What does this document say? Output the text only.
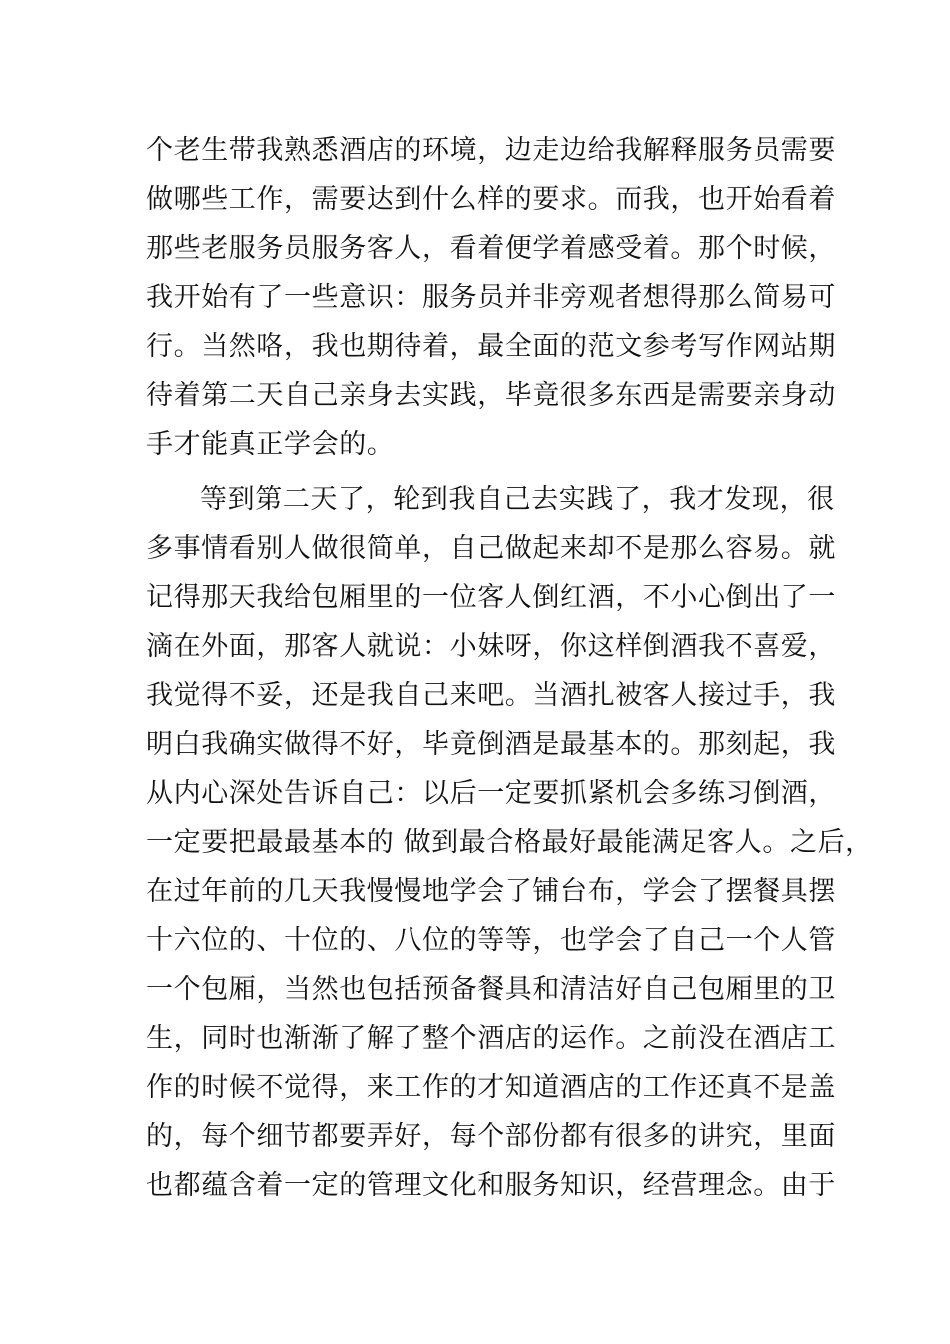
个老生带我熟悉酒店的环境，边走边给我解释服务员需要
做哪些工作，需要达到什么样的要求。而我，也开始看着
那些老服务员服务客人，看着便学着感受着。那个时候，
我开始有了一些意识：服务员并非旁观者想得那么简易可
行。当然咯，我也期待着，最全面的范文参考写作网站期
待着第二天自己亲身去实践，毕竟很多东西是需要亲身动
手才能真正学会的。
等到第二天了，轮到我自己去实践了，我才发现，很
多事情看别人做很简单，自己做起来却不是那么容易。就
记得那天我给包厢里的一位客人倒红酒，不小心倒出了一
滴在外面，那客人就说：小妹呀，你这样倒酒我不喜爱，
我觉得不妥，还是我自己来吧。当酒扎被客人接过手，我
明白我确实做得不好，毕竟倒酒是最基本的。那刻起，我
从内心深处告诉自己：以后一定要抓紧机会多练习倒酒，
一定要把最最基本的 做到最合格最好最能满足客人。之后，
在过年前的几天我慢慢地学会了铺台布，学会了摆餐具摆
十六位的、十位的、八位的等等，也学会了自己一个人管
一个包厢，当然也包括预备餐具和清洁好自己包厢里的卫
生，同时也渐渐了解了整个酒店的运作。之前没在酒店工
作的时候不觉得，来工作的才知道酒店的工作还真不是盖
的，每个细节都要弄好，每个部份都有很多的讲究，里面
也都蕴含着一定的管理文化和服务知识，经营理念。由于
